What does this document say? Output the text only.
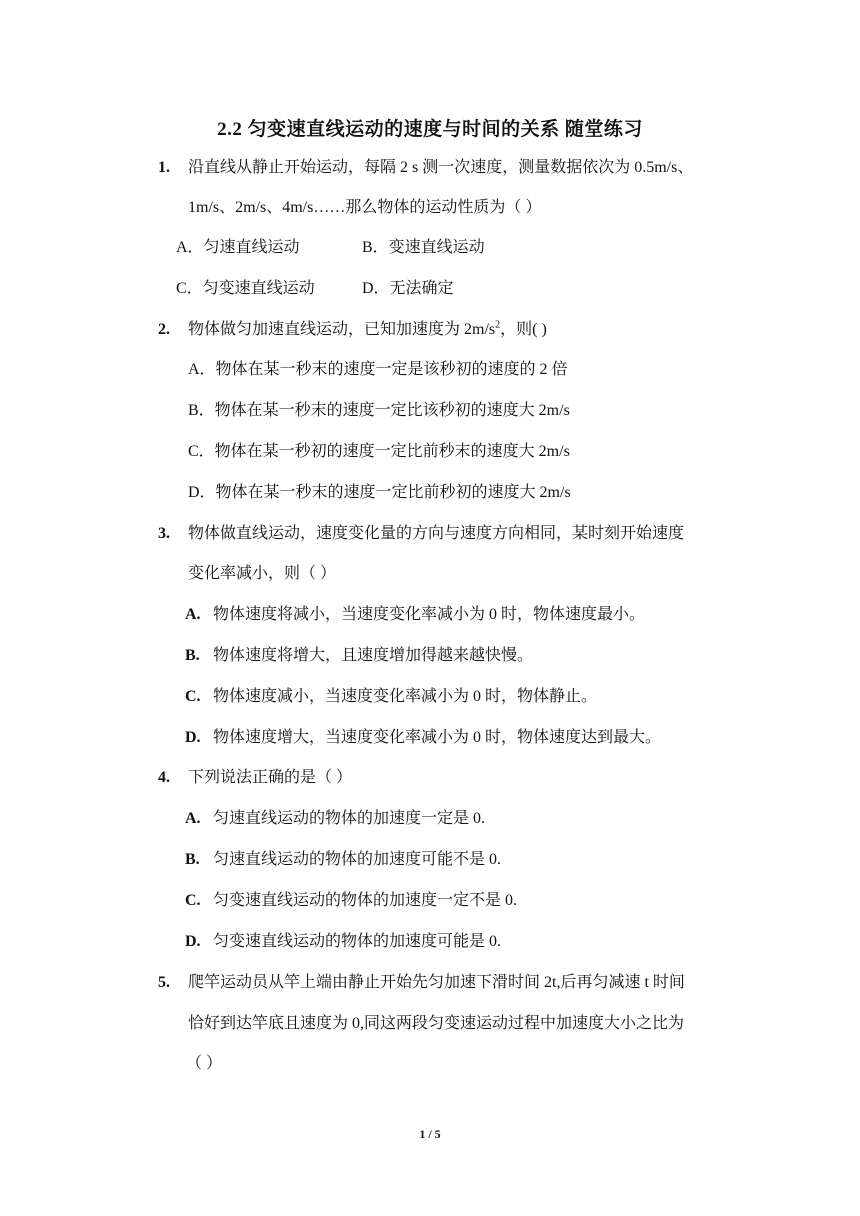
2.2 匀变速直线运动的速度与时间的关系 随堂练习
1. 沿直线从静止开始运动，每隔 2 s 测一次速度，测量数据依次为 0.5m/s、
1m/s、2m/s、4m/s……那么物体的运动性质为（ ）
A．匀速直线运动	B．变速直线运动
C．匀变速直线运动	D．无法确定
2. 物体做匀加速直线运动，已知加速度为 $2m/s^2$，则( )
A．物体在某一秒末的速度一定是该秒初的速度的 2 倍
B．物体在某一秒末的速度一定比该秒初的速度大 2m/s
C．物体在某一秒初的速度一定比前秒末的速度大 2m/s
D．物体在某一秒末的速度一定比前秒初的速度大 2m/s
3. 物体做直线运动，速度变化量的方向与速度方向相同，某时刻开始速度
变化率减小，则（ ）
A. 物体速度将减小，当速度变化率减小为 0 时，物体速度最小。
B. 物体速度将增大，且速度增加得越来越快慢。
C. 物体速度减小，当速度变化率减小为 0 时，物体静止。
D. 物体速度增大，当速度变化率减小为 0 时，物体速度达到最大。
4. 下列说法正确的是（ ）
A. 匀速直线运动的物体的加速度一定是 0.
B. 匀速直线运动的物体的加速度可能不是 0.
C. 匀变速直线运动的物体的加速度一定不是 0.
D. 匀变速直线运动的物体的加速度可能是 0.
5. 爬竿运动员从竿上端由静止开始先匀加速下滑时间 2t,后再匀减速 t 时间
恰好到达竿底且速度为 0,同这两段匀变速运动过程中加速度大小之比为
（ ）
1 / 5
